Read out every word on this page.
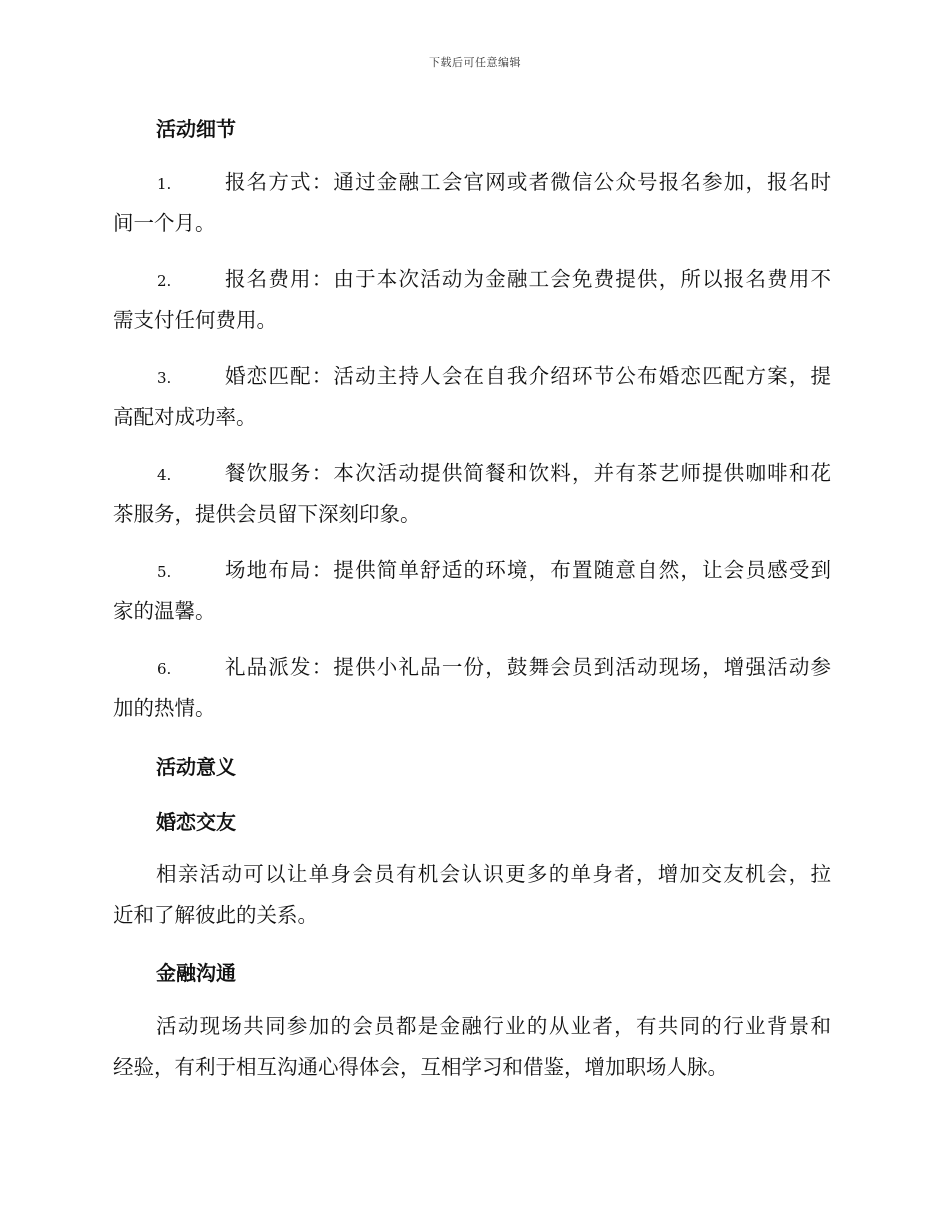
下载后可任意编辑
活动细节
1.	报名方式：通过金融工会官网或者微信公众号报名参加，报名时
间一个月。
2.	报名费用：由于本次活动为金融工会免费提供，所以报名费用不
需支付任何费用。
3.	婚恋匹配：活动主持人会在自我介绍环节公布婚恋匹配方案，提
高配对成功率。
4.	餐饮服务：本次活动提供简餐和饮料，并有茶艺师提供咖啡和花
茶服务，提供会员留下深刻印象。
5.	场地布局：提供简单舒适的环境，布置随意自然，让会员感受到
家的温馨。
6.	礼品派发：提供小礼品一份，鼓舞会员到活动现场，增强活动参
加的热情。
活动意义
婚恋交友
相亲活动可以让单身会员有机会认识更多的单身者，增加交友机会，拉
近和了解彼此的关系。
金融沟通
活动现场共同参加的会员都是金融行业的从业者，有共同的行业背景和
经验，有利于相互沟通心得体会，互相学习和借鉴，增加职场人脉。
